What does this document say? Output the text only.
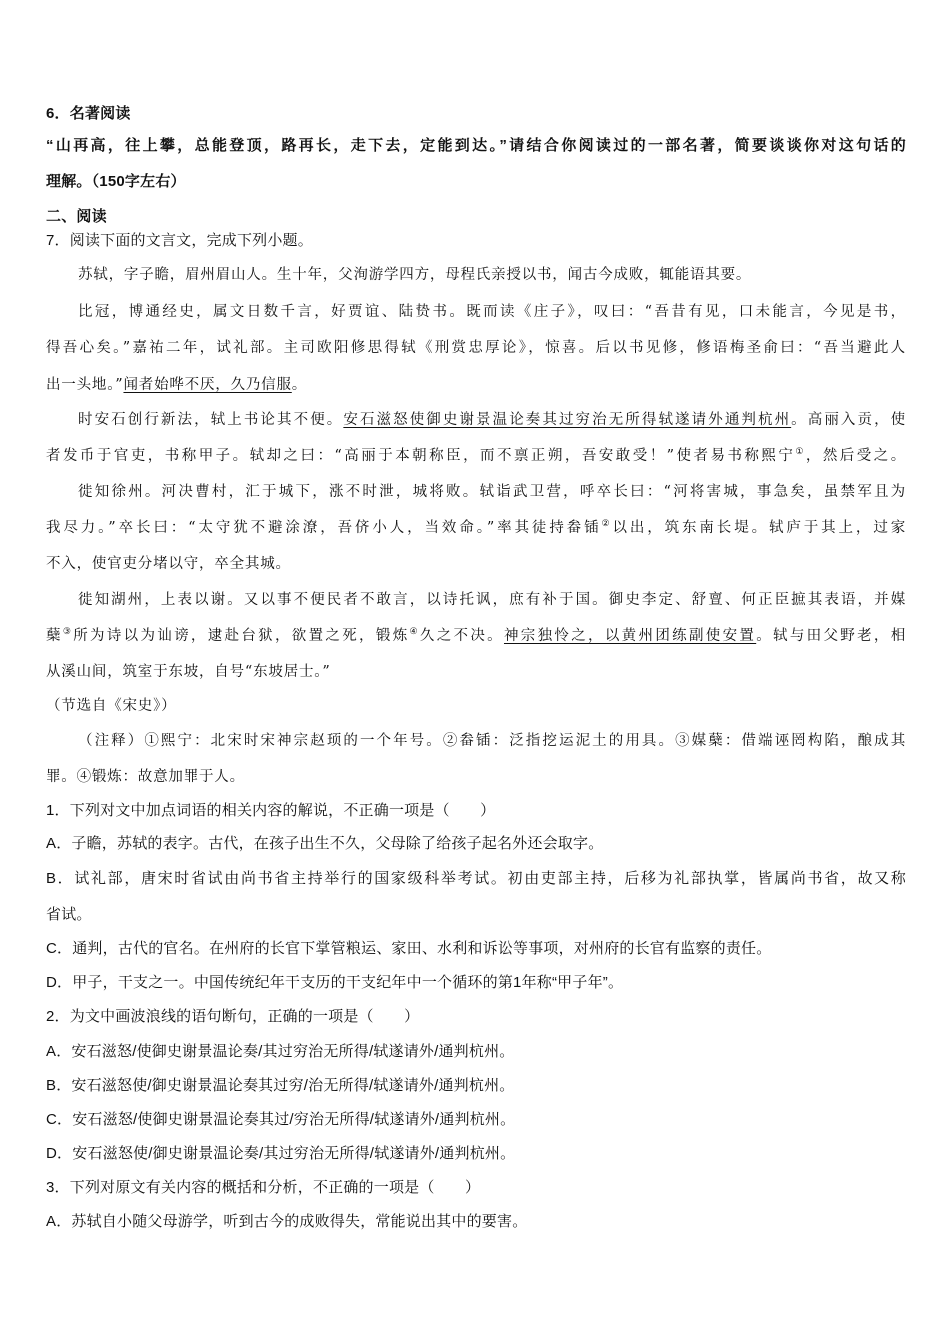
6．名著阅读
“山再高，往上攀，总能登顶，路再长，走下去，定能到达。”请结合你阅读过的一部名著，简要谈谈你对这句话的
理解。（150字左右）
二、阅读
7．阅读下面的文言文，完成下列小题。
苏轼，字子瞻，眉州眉山人。生十年，父洵游学四方，母程氏亲授以书，闻古今成败，辄能语其要。
比冠，博通经史，属文日数千言，好贾谊、陆贽书。既而读《庄子》，叹曰：“吾昔有见，口未能言，今见是书，
得吾心矣。”嘉祐二年，试礼部。主司欧阳修思得轼《刑赏忠厚论》，惊喜。后以书见修，修语梅圣俞曰：“吾当避此人
出一头地。”闻者始哗不厌，久乃信服。
时安石创行新法，轼上书论其不便。安石滋怒使御史谢景温论奏其过穷治无所得轼遂请外通判杭州。高丽入贡，使
者发币于官吏，书称甲子。轼却之曰：“高丽于本朝称臣，而不禀正朔，吾安敢受！”使者易书称熙宁①，然后受之。
徙知徐州。河决曹村，汇于城下，涨不时泄，城将败。轼诣武卫营，呼卒长曰：“河将害城，事急矣，虽禁军且为
我尽力。”卒长曰：“太守犹不避涂潦，吾侪小人，当效命。”率其徒持畚锸②以出，筑东南长堤。轼庐于其上，过家
不入，使官吏分堵以守，卒全其城。
徙知湖州，上表以谢。又以事不便民者不敢言，以诗托讽，庶有补于国。御史李定、舒亶、何正臣摭其表语，并媒
蘖③所为诗以为讪谤，逮赴台狱，欲置之死，锻炼④久之不决。神宗独怜之，以黄州团练副使安置。轼与田父野老，相
从溪山间，筑室于东坡，自号“东坡居士。”
（节选自《宋史》）
（注释）①熙宁：北宋时宋神宗赵顼的一个年号。②畚锸：泛指挖运泥土的用具。③媒蘖：借端诬罔构陷，酿成其
罪。④锻炼：故意加罪于人。
1．下列对文中加点词语的相关内容的解说，不正确一项是（　　）
A．子瞻，苏轼的表字。古代，在孩子出生不久，父母除了给孩子起名外还会取字。
B．试礼部，唐宋时省试由尚书省主持举行的国家级科举考试。初由吏部主持，后移为礼部执掌，皆属尚书省，故又称
省试。
C．通判，古代的官名。在州府的长官下掌管粮运、家田、水利和诉讼等事项，对州府的长官有监察的责任。
D．甲子，干支之一。中国传统纪年干支历的干支纪年中一个循环的第1年称“甲子年”。
2．为文中画波浪线的语句断句，正确的一项是（　　）
A．安石滋怒/使御史谢景温论奏/其过穷治无所得/轼遂请外/通判杭州。
B．安石滋怒使/御史谢景温论奏其过穷/治无所得/轼遂请外/通判杭州。
C．安石滋怒/使御史谢景温论奏其过/穷治无所得/轼遂请外/通判杭州。
D．安石滋怒使/御史谢景温论奏/其过穷治无所得/轼遂请外/通判杭州。
3．下列对原文有关内容的概括和分析，不正确的一项是（　　）
A．苏轼自小随父母游学，听到古今的成败得失，常能说出其中的要害。
